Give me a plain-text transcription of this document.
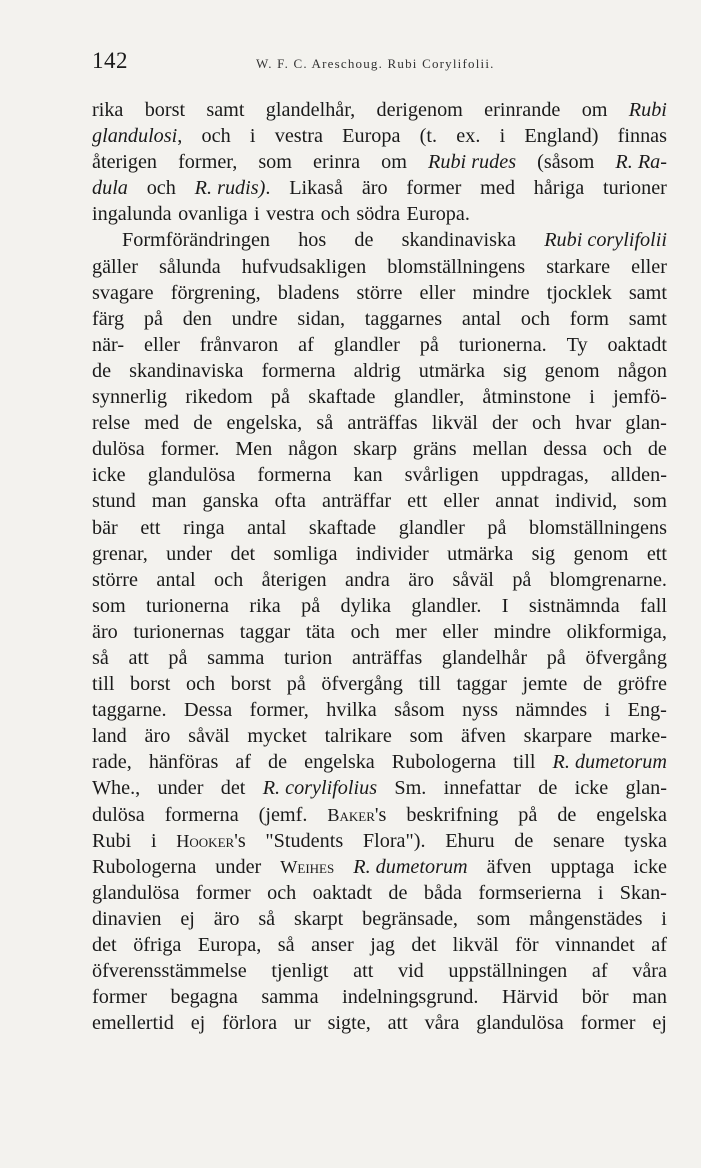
142	W. F. C. Areschoug. Rubi Corylifolii.
rika borst samt glandelhår, derigenom erinrande om Rubi
glandulosi, och i vestra Europa (t. ex. i England) finnas
återigen former, som erinra om Rubi rudes (såsom R. Ra-
dula och R. rudis). Likaså äro former med håriga turioner
ingalunda ovanliga i vestra och södra Europa.
Formförändringen hos de skandinaviska Rubi corylifolii
gäller sålunda hufvudsakligen blomställningens starkare eller
svagare förgrening, bladens större eller mindre tjocklek samt
färg på den undre sidan, taggarnes antal och form samt
när- eller frånvaron af glandler på turionerna. Ty oaktadt
de skandinaviska formerna aldrig utmärka sig genom någon
synnerlig rikedom på skaftade glandler, åtminstone i jemfö-
relse med de engelska, så anträffas likväl der och hvar glan-
dulösa former. Men någon skarp gräns mellan dessa och de
icke glandulösa formerna kan svårligen uppdragas, allden-
stund man ganska ofta anträffar ett eller annat individ, som
bär ett ringa antal skaftade glandler på blomställningens
grenar, under det somliga individer utmärka sig genom ett
större antal och återigen andra äro såväl på blomgrenarne.
som turionerna rika på dylika glandler. I sistnämnda fall
äro turionernas taggar täta och mer eller mindre olikformiga,
så att på samma turion anträffas glandelhår på öfvergång
till borst och borst på öfvergång till taggar jemte de gröfre
taggarne. Dessa former, hvilka såsom nyss nämndes i Eng-
land äro såväl mycket talrikare som äfven skarpare marke-
rade, hänföras af de engelska Rubologerna till R. dumetorum
Whe., under det R. corylifolius Sm. innefattar de icke glan-
dulösa formerna (jemf. Baker's beskrifning på de engelska
Rubi i Hooker's "Students Flora"). Ehuru de senare tyska
Rubologerna under Weihes R. dumetorum äfven upptaga icke
glandulösa former och oaktadt de båda formserierna i Skan-
dinavien ej äro så skarpt begränsade, som mångenstädes i
det öfriga Europa, så anser jag det likväl för vinnandet af
öfverensstämmelse tjenligt att vid uppställningen af våra
former begagna samma indelningsgrund. Härvid bör man
emellertid ej förlora ur sigte, att våra glandulösa former ej
